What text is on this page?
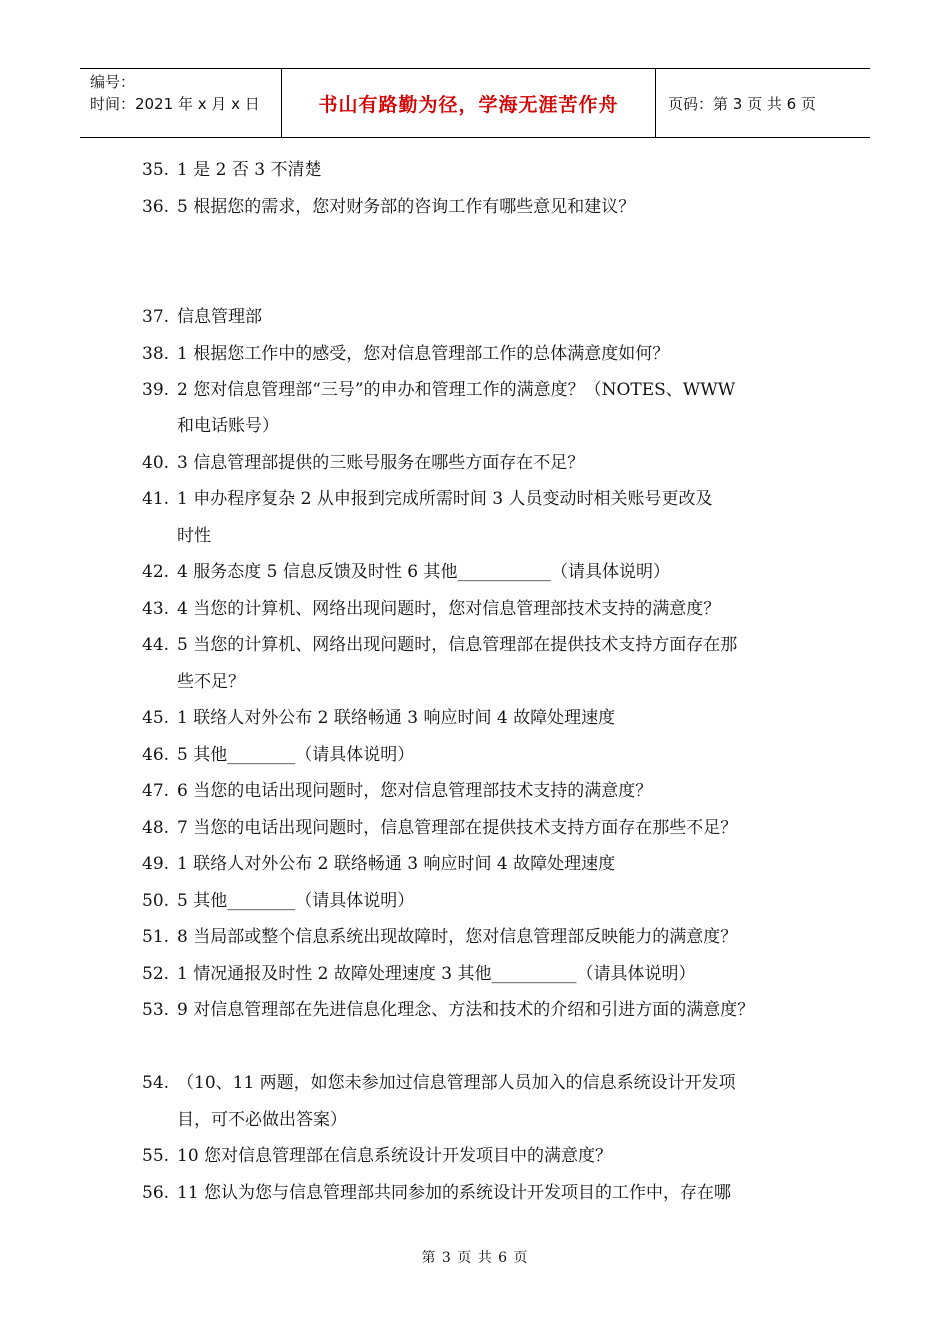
编号：
时间：2021 年 x 月 x 日	书山有路勤为径，学海无涯苦作舟	页码：第 3 页 共 6 页
35. 1 是 2 否 3 不清楚
36. 5 根据您的需求，您对财务部的咨询工作有哪些意见和建议？
37. 信息管理部
38. 1 根据您工作中的感受，您对信息管理部工作的总体满意度如何？
39. 2 您对信息管理部“三号”的申办和管理工作的满意度？（NOTES、WWW
和电话账号）
40. 3 信息管理部提供的三账号服务在哪些方面存在不足？
41. 1 申办程序复杂 2 从申报到完成所需时间 3 人员变动时相关账号更改及
时性
42. 4 服务态度 5 信息反馈及时性 6 其他___________（请具体说明）
43. 4 当您的计算机、网络出现问题时，您对信息管理部技术支持的满意度？
44. 5 当您的计算机、网络出现问题时，信息管理部在提供技术支持方面存在那
些不足？
45. 1 联络人对外公布 2 联络畅通 3 响应时间 4 故障处理速度
46. 5 其他________（请具体说明）
47. 6 当您的电话出现问题时，您对信息管理部技术支持的满意度？
48. 7 当您的电话出现问题时，信息管理部在提供技术支持方面存在那些不足？
49. 1 联络人对外公布 2 联络畅通 3 响应时间 4 故障处理速度
50. 5 其他________（请具体说明）
51. 8 当局部或整个信息系统出现故障时，您对信息管理部反映能力的满意度？
52. 1 情况通报及时性 2 故障处理速度 3 其他__________（请具体说明）
53. 9 对信息管理部在先进信息化理念、方法和技术的介绍和引进方面的满意度？
54. （10、11 两题，如您未参加过信息管理部人员加入的信息系统设计开发项
目，可不必做出答案）
55. 10 您对信息管理部在信息系统设计开发项目中的满意度？
56. 11 您认为您与信息管理部共同参加的系统设计开发项目的工作中，存在哪
第 3 页 共 6 页
